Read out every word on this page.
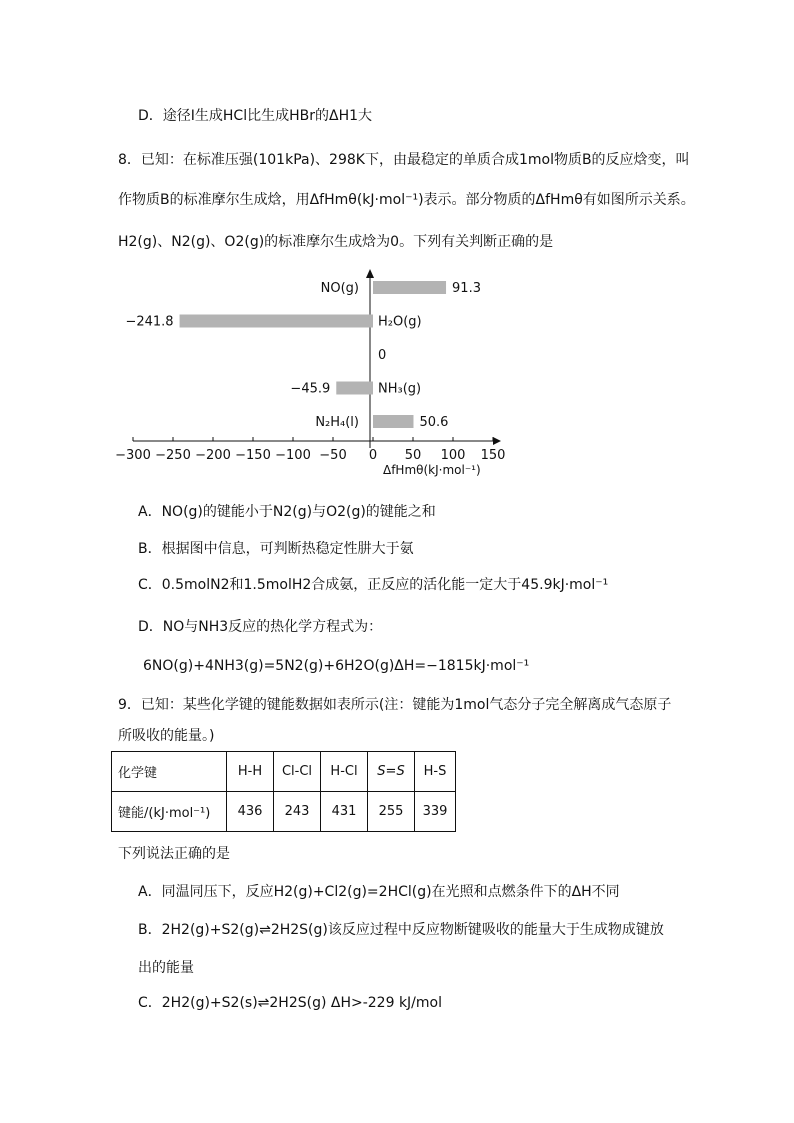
D．途径Ⅰ生成HCl比生成HBr的ΔH1大
8．已知：在标准压强(101kPa)、298K下，由最稳定的单质合成1mol物质B的反应焓变，叫
作物质B的标准摩尔生成焓，用ΔfHmθ(kJ·mol⁻¹)表示。部分物质的ΔfHmθ有如图所示关系。
H2(g)、N2(g)、O2(g)的标准摩尔生成焓为0。下列有关判断正确的是
NO(g)	91.3
H₂O(g)
−241.8
0
NH₃(g)
−45.9
N₂H₄(l)	50.6
−300 −250 −200 −150 −100 −50 0 50 100 150
ΔfHmθ(kJ·mol⁻¹)
A．NO(g)的键能小于N2(g)与O2(g)的键能之和
B．根据图中信息，可判断热稳定性肼大于氨
C．0.5molN2和1.5molH2合成氨，正反应的活化能一定大于45.9kJ·mol⁻¹
D．NO与NH3反应的热化学方程式为：
6NO(g)+4NH3(g)=5N2(g)+6H2O(g)ΔH=−1815kJ·mol⁻¹
9．已知：某些化学键的键能数据如表所示(注：键能为1mol气态分子完全解离成气态原子
所吸收的能量。)
化学键	H-H	Cl-Cl	H-Cl	S=S	H-S
键能/(kJ·mol⁻¹)	436	243	431	255	339
下列说法正确的是
A．同温同压下，反应H2(g)+Cl2(g)=2HCl(g)在光照和点燃条件下的ΔH不同
B．2H2(g)+S2(g)⇌2H2S(g)该反应过程中反应物断键吸收的能量大于生成物成键放
出的能量
C．2H2(g)+S2(s)⇌2H2S(g) ΔH>-229 kJ/mol
